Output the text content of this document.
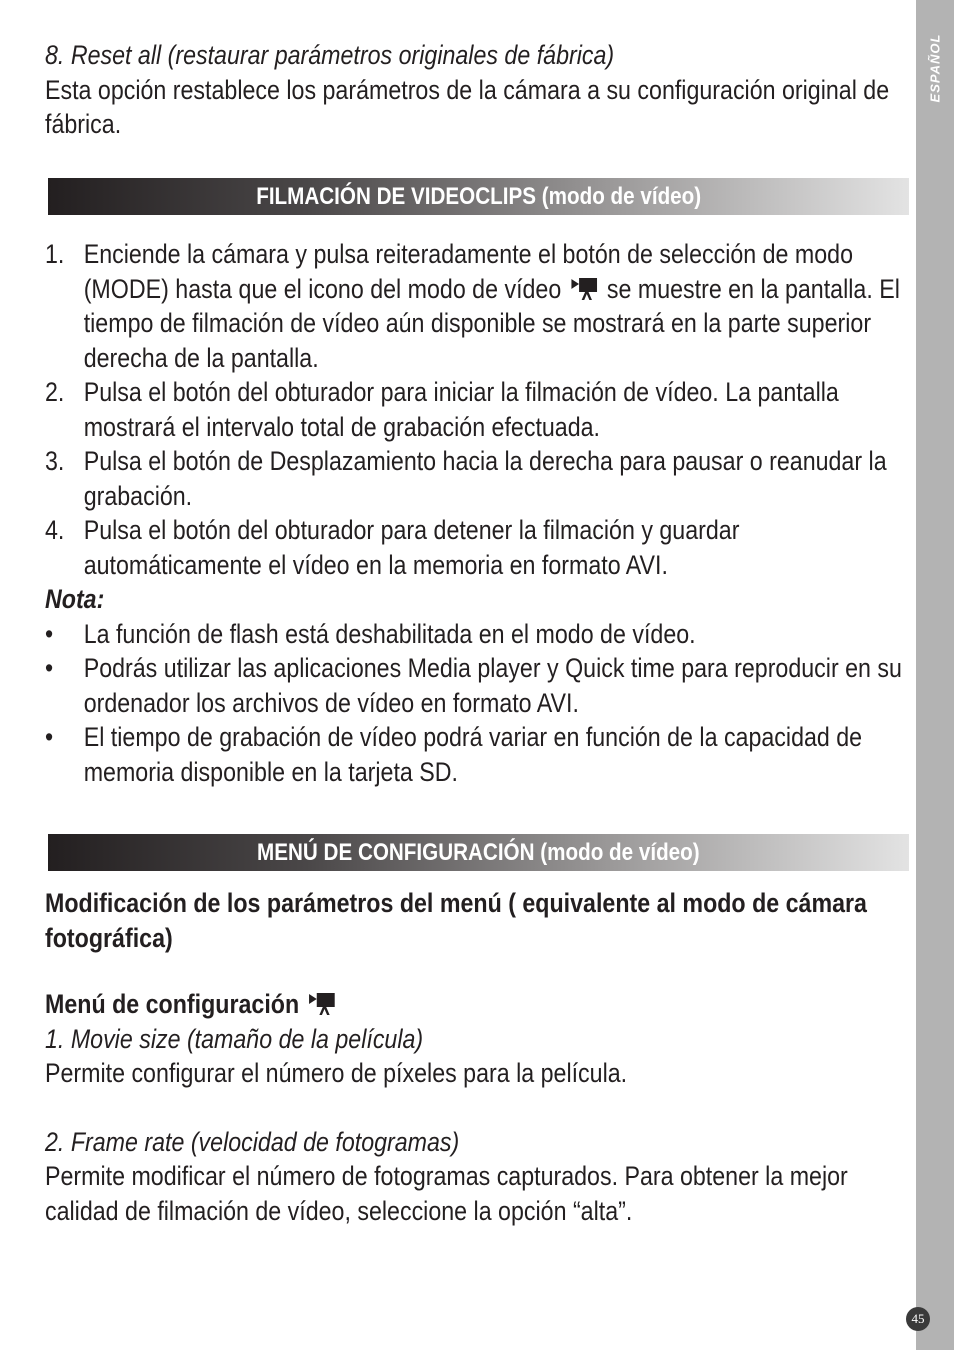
ESPAÑOL
45

8. Reset all (restaurar parámetros originales de fábrica)

Esta opción restablece los parámetros de la cámara a su configuración original de fábrica.

FILMACIÓN DE VIDEOCLIPS (modo de vídeo)
1. Enciende la cámara y pulsa reiteradamente el botón de selección de modo (MODE) hasta que el icono del modo de vídeo se muestre en la pantalla. El tiempo de filmación de vídeo aún disponible se mostrará en la parte superior derecha de la pantalla.
2. Pulsa el botón del obturador para iniciar la filmación de vídeo. La pantalla mostrará el intervalo total de grabación efectuada.
3. Pulsa el botón de Desplazamiento hacia la derecha para pausar o reanudar la grabación.
4. Pulsa el botón del obturador para detener la filmación y guardar automáticamente el vídeo en la memoria en formato AVI.

Nota:

• La función de flash está deshabilitada en el modo de vídeo.
• Podrás utilizar las aplicaciones Media player y Quick time para reproducir en su ordenador los archivos de vídeo en formato AVI.
• El tiempo de grabación de vídeo podrá variar en función de la capacidad de memoria disponible en la tarjeta SD.
MENÚ DE CONFIGURACIÓN (modo de vídeo)

Modificación de los parámetros del menú ( equivalente al modo de cámara fotográfica)

Menú de configuración

1. Movie size (tamaño de la película)

Permite configurar el número de píxeles para la película.

2. Frame rate (velocidad de fotogramas)

Permite modificar el número de fotogramas capturados. Para obtener la mejor calidad de filmación de vídeo, seleccione la opción “alta”.
